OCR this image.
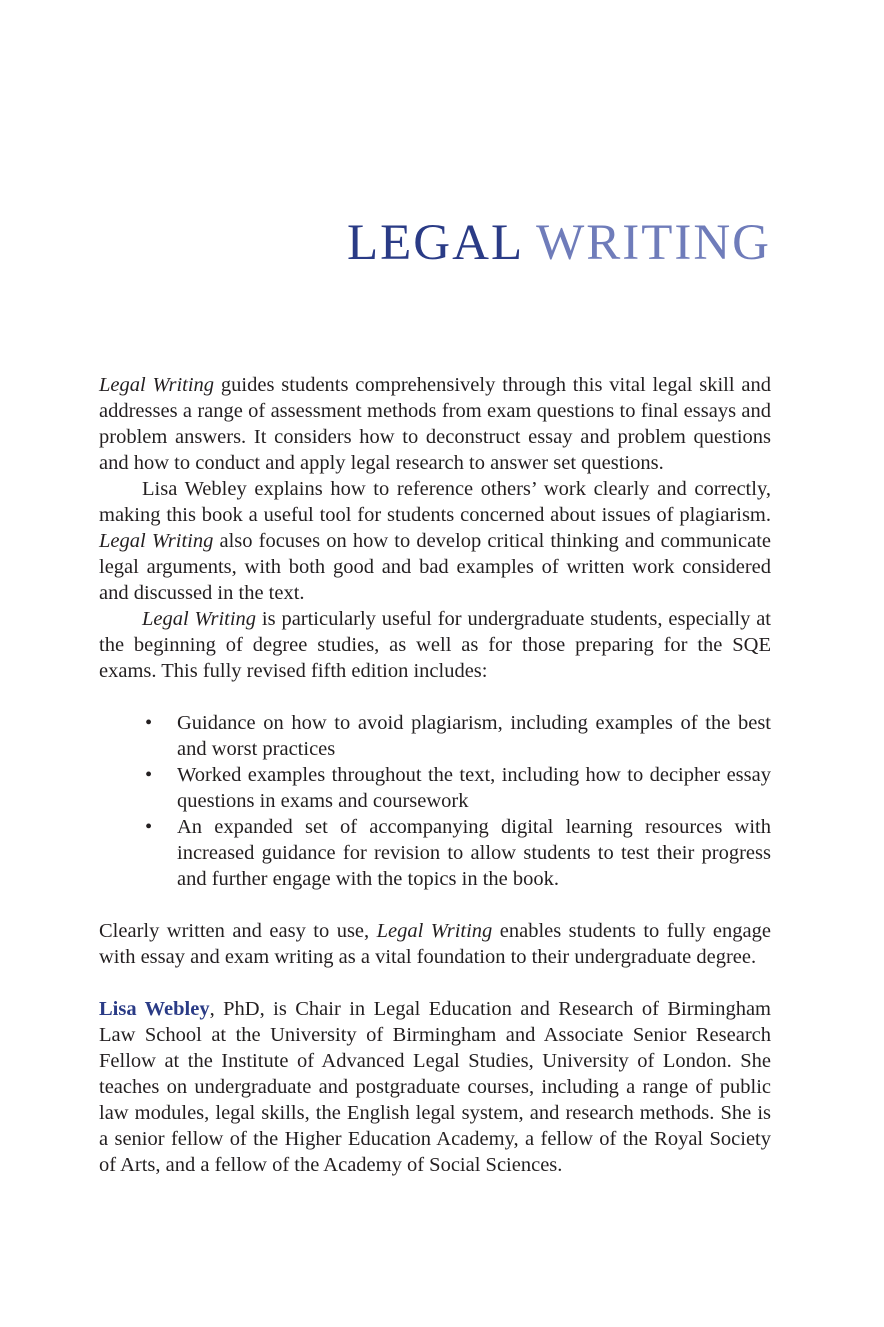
LEGAL WRITING

Legal Writing guides students comprehensively through this vital legal skill and addresses a range of assessment methods from exam questions to final essays and problem answers. It considers how to deconstruct essay and problem questions and how to conduct and apply legal research to answer set questions.

Lisa Webley explains how to reference others’ work clearly and correctly, making this book a useful tool for students concerned about issues of plagiarism. Legal Writing also focuses on how to develop critical thinking and communicate legal arguments, with both good and bad examples of written work considered and discussed in the text.

Legal Writing is particularly useful for undergraduate students, especially at the beginning of degree studies, as well as for those preparing for the SQE exams. This fully revised fifth edition includes:

• Guidance on how to avoid plagiarism, including examples of the best and worst practices
• Worked examples throughout the text, including how to decipher essay questions in exams and coursework
• An expanded set of accompanying digital learning resources with increased guidance for revision to allow students to test their progress and further engage with the topics in the book.

Clearly written and easy to use, Legal Writing enables students to fully engage with essay and exam writing as a vital foundation to their undergraduate degree.

Lisa Webley, PhD, is Chair in Legal Education and Research of Birmingham Law School at the University of Birmingham and Associate Senior Research Fellow at the Institute of Advanced Legal Studies, University of London. She teaches on undergraduate and postgraduate courses, including a range of public law modules, legal skills, the English legal system, and research methods. She is a senior fellow of the Higher Education Academy, a fellow of the Royal Society of Arts, and a fellow of the Academy of Social Sciences.
